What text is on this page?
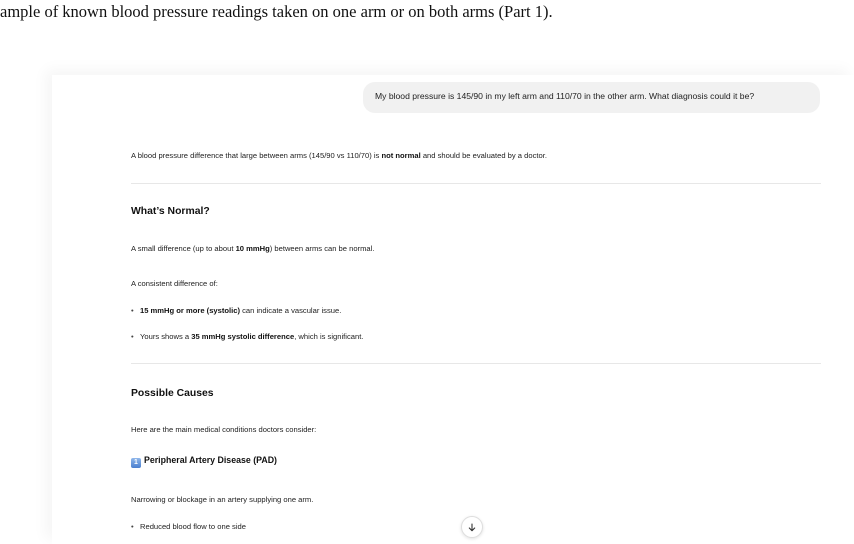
ample of known blood pressure readings taken on one arm or on both arms (Part 1).
My blood pressure is 145/90 in my left arm and 110/70 in the other arm. What diagnosis could it be?
A blood pressure difference that large between arms (145/90 vs 110/70) is not normal and should be evaluated by a doctor.
What’s Normal?
A small difference (up to about 10 mmHg) between arms can be normal.
A consistent difference of:
• 15 mmHg or more (systolic) can indicate a vascular issue.
• Yours shows a 35 mmHg systolic difference, which is significant.
Possible Causes
Here are the main medical conditions doctors consider:
1 Peripheral Artery Disease (PAD)
Narrowing or blockage in an artery supplying one arm.
• Reduced blood flow to one side
